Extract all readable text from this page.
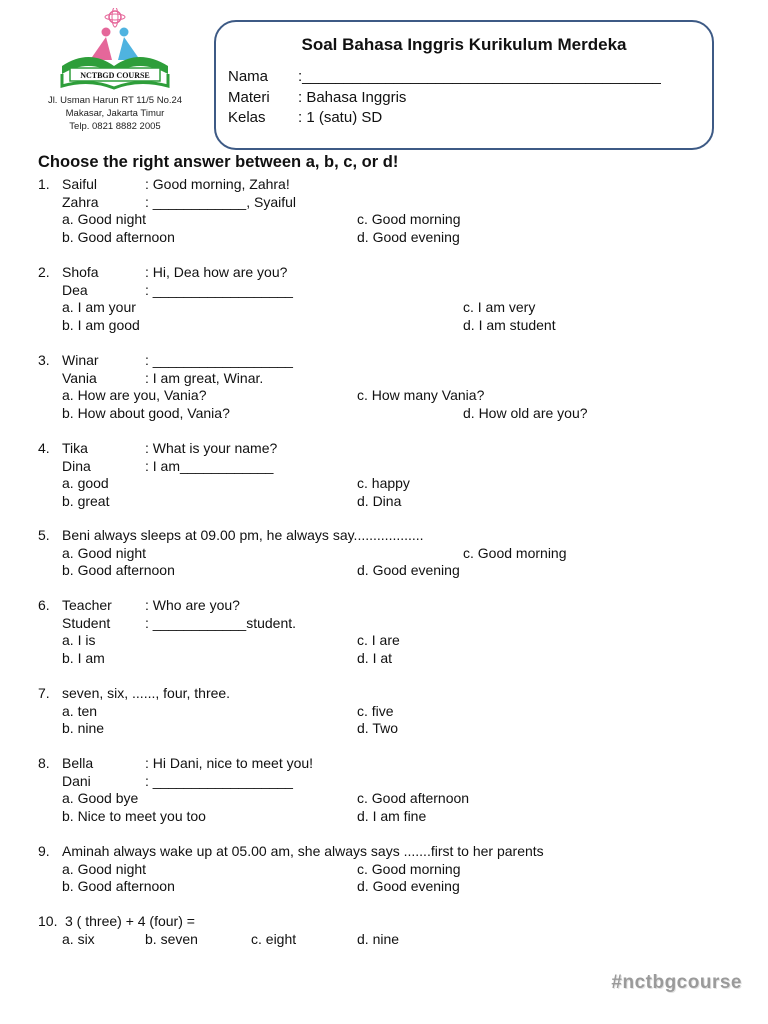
NCTBGD COURSE
Jl. Usman Harun RT 11/5 No.24
Makasar, Jakarta Timur
Telp. 0821 8882 2005
Soal Bahasa Inggris Kurikulum Merdeka
Nama :___________________________________________
Materi : Bahasa Inggris
Kelas : 1 (satu) SD
Choose the right answer between a, b, c, or d!
1. Saiful	: Good morning, Zahra!
Zahra	: ____________, Syaiful
a. Good night	c. Good morning
b. Good afternoon	d. Good evening
2. Shofa	: Hi, Dea how are you?
Dea	: __________________
a. I am your	c. I am very
b. I am good	d. I am student
3. Winar	: __________________
Vania	: I am great, Winar.
a. How are you, Vania?	c. How many Vania?
b. How about good, Vania?	d. How old are you?
4. Tika	: What is your name?
Dina	: I am____________
a. good	c. happy
b. great	d. Dina
5. Beni always sleeps at 09.00 pm, he always say..................
a. Good night	c. Good morning
b. Good afternoon	d. Good evening
6. Teacher : Who are you?
Student : ____________student.
a. I is	c. I are
b. I am	d. I at
7. seven, six, ......, four, three.
a. ten	c. five
b. nine	d. Two
8. Bella	: Hi Dani, nice to meet you!
Dani	: __________________
a. Good bye	c. Good afternoon
b. Nice to meet you too	d. I am fine
9. Aminah always wake up at 05.00 am, she always says .......first to her parents
a. Good night	c. Good morning
b. Good afternoon	d. Good evening
10. 3 ( three) + 4 (four) =
a. six	b. seven	c. eight	d. nine
#nctbgcourse
